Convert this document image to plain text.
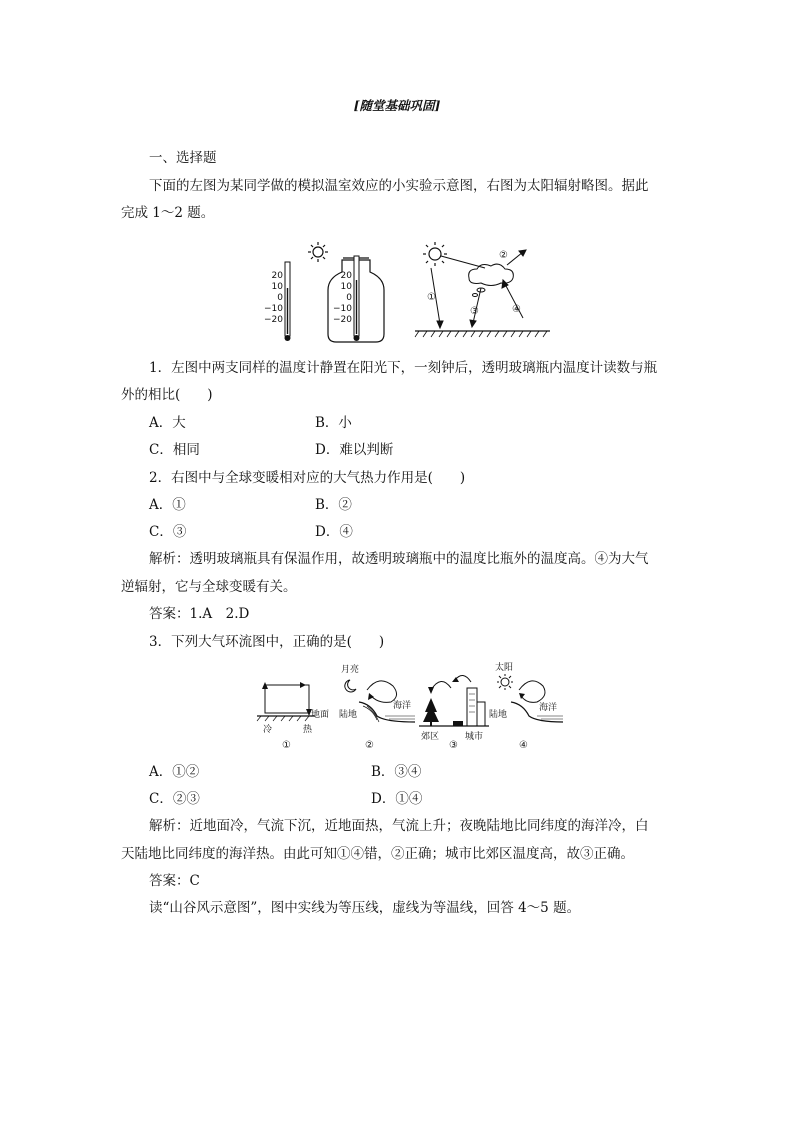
[随堂基础巩固]
一、选择题
下面的左图为某同学做的模拟温室效应的小实验示意图，右图为太阳辐射略图。据此
完成 1～2 题。
20
10
0
−10
−20
20
10
0
−10
−20
①
②
③	④
1．左图中两支同样的温度计静置在阳光下，一刻钟后，透明玻璃瓶内温度计读数与瓶
外的相比(　　)
A．大	B．小
C．相同	D．难以判断
2．右图中与全球变暖相对应的大气热力作用是(　　)
A．①	B．②
C．③	D．④
解析：透明玻璃瓶具有保温作用，故透明玻璃瓶中的温度比瓶外的温度高。④为大气
逆辐射，它与全球变暖有关。
答案：1.A　2.D
3．下列大气环流图中，正确的是(　　)
地面
冷	热
①
月亮
陆地
海洋
②
郊区	城市
③
太阳
陆地
海洋
④
A．①②	B．③④
C．②③	D．①④
解析：近地面冷，气流下沉，近地面热，气流上升；夜晚陆地比同纬度的海洋冷，白
天陆地比同纬度的海洋热。由此可知①④错，②正确；城市比郊区温度高，故③正确。
答案：C
读“山谷风示意图”，图中实线为等压线，虚线为等温线，回答 4～5 题。
